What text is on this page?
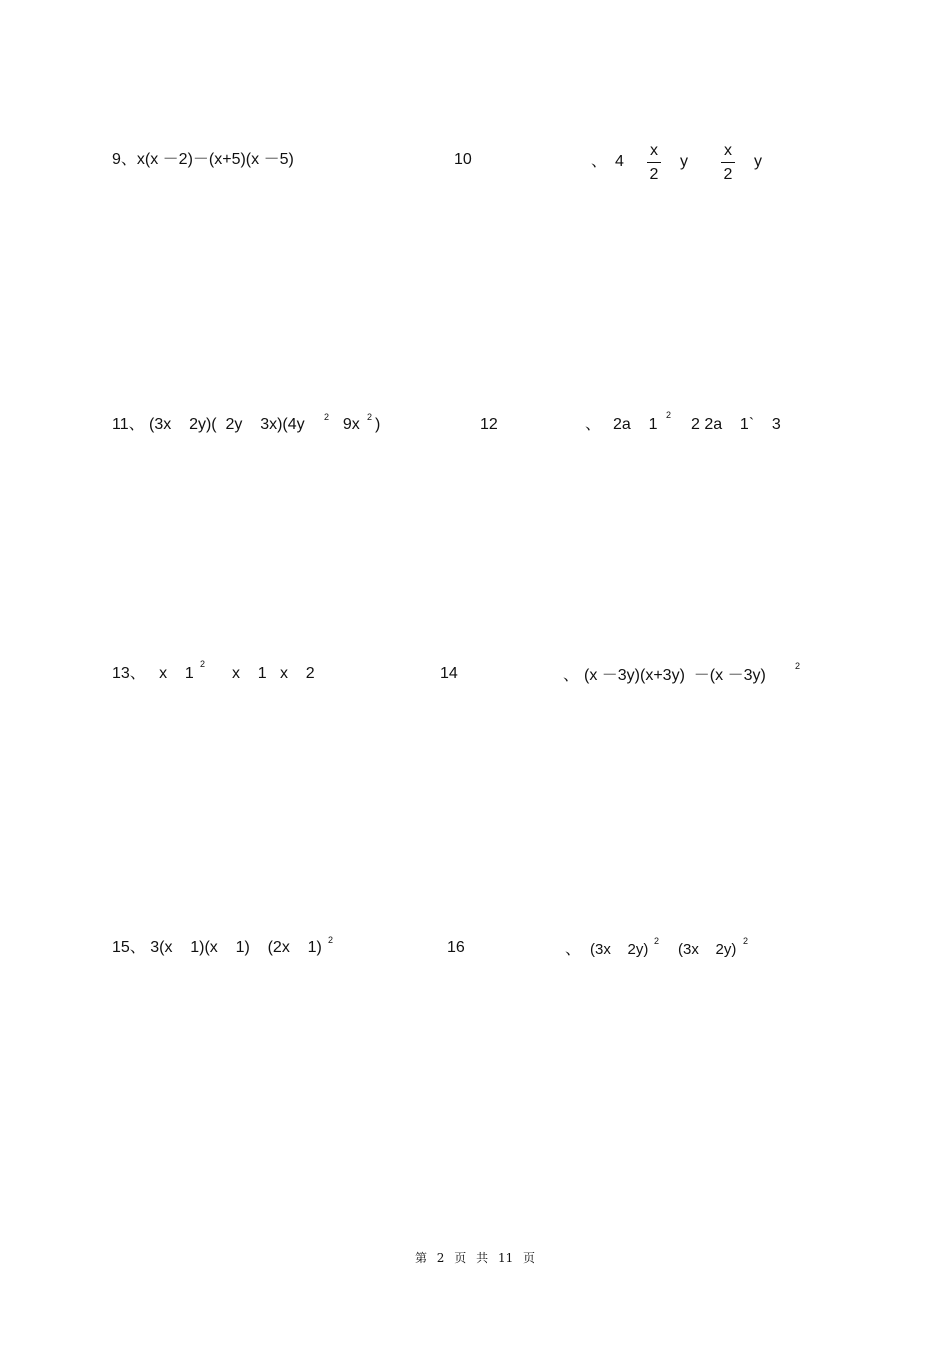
9、x(x －2)－(x+5)(x －5)	10	、 4
x
2
y
x
2
y
11、 (3x    2y)(  2y    3x)(4y 2 9x 2 )	12	、 2a    1
2
2 2a    1`    3
13、   x    1
2
x    1   x    2	14	、 (x －3y)(x+3y)  －(x －3y)
2
15、 3(x    1)(x    1)    (2x    1) 2	16	、 (3x    2y) 2 (3x    2y) 2
第 2 页 共 11 页
